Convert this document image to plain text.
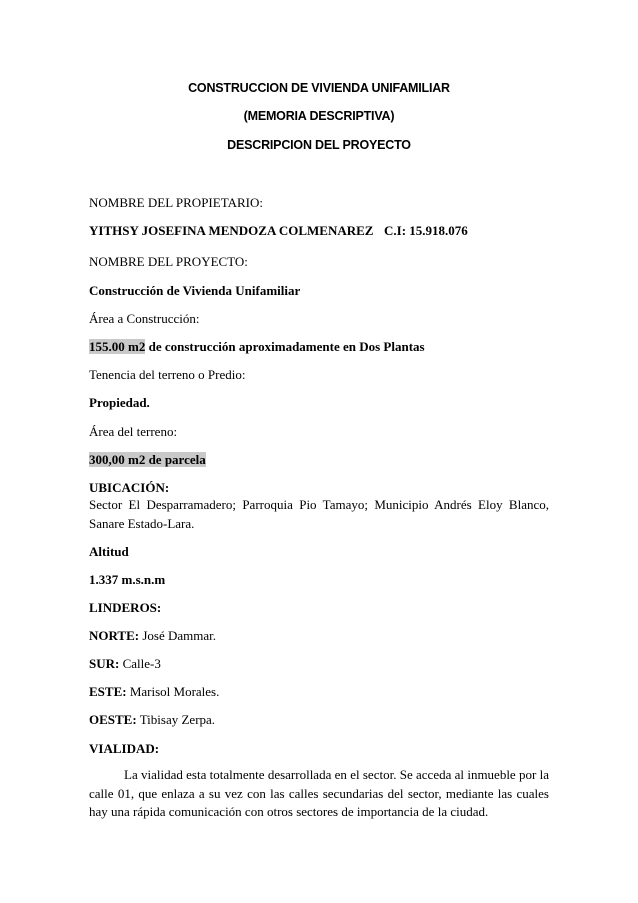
CONSTRUCCION DE VIVIENDA UNIFAMILIAR
(MEMORIA DESCRIPTIVA)
DESCRIPCION DEL PROYECTO
NOMBRE DEL PROPIETARIO:
YITHSY JOSEFINA MENDOZA COLMENAREZ C.I: 15.918.076
NOMBRE DEL PROYECTO:
Construcción de Vivienda Unifamiliar
Área a Construcción:
155.00 m2 de construcción aproximadamente en Dos Plantas
Tenencia del terreno o Predio:
Propiedad.
Área del terreno:
300,00 m2 de parcela
UBICACIÓN:
Sector El Desparramadero; Parroquia Pio Tamayo; Municipio Andrés Eloy Blanco, Sanare Estado-Lara.
Altitud
1.337 m.s.n.m
LINDEROS:
NORTE: José Dammar.
SUR: Calle-3
ESTE: Marisol Morales.
OESTE: Tibisay Zerpa.
VIALIDAD:
La vialidad esta totalmente desarrollada en el sector. Se acceda al inmueble por la calle 01, que enlaza a su vez con las calles secundarias del sector, mediante las cuales hay una rápida comunicación con otros sectores de importancia de la ciudad.
